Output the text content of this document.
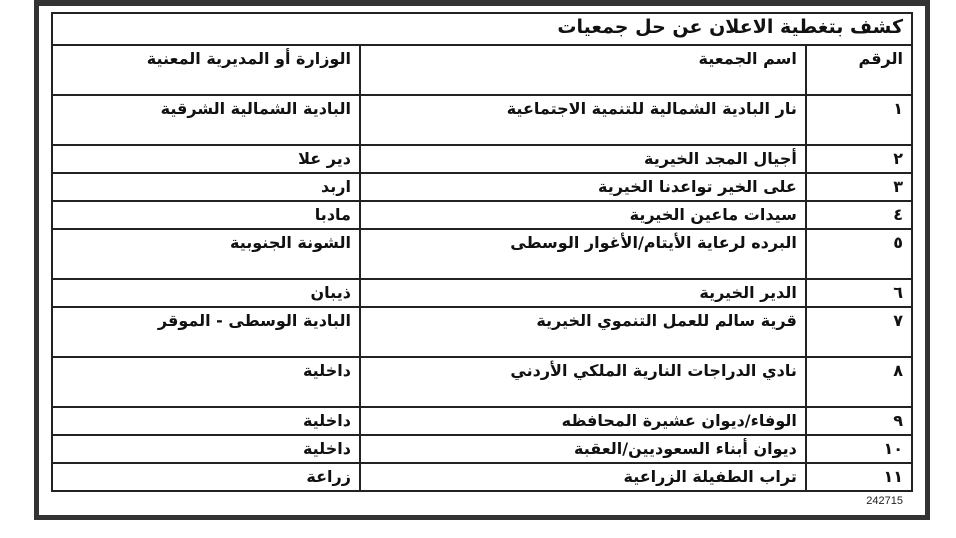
كشف بتغطية الاعلان عن حل جمعيات		
الرقم	اسم الجمعية	الوزارة أو المديرية المعنية
١	نار البادية الشمالية للتنمية الاجتماعية	البادية الشمالية الشرقية
٢	أجيال المجد الخيرية	دير علا
٣	على الخير تواعدنا الخيرية	اربد
٤	سيدات ماعين الخيرية	مادبا
٥	البرده لرعاية الأيتام/الأغوار الوسطى	الشونة الجنوبية
٦	الدير الخيرية	ذيبان
٧	قرية سالم للعمل التنموي الخيرية	البادية الوسطى - الموقر
٨	نادي الدراجات النارية الملكي الأردني	داخلية
٩	الوفاء/ديوان عشيرة المحافظه	داخلية
١٠	ديوان أبناء السعوديين/العقبة	داخلية
١١	تراب الطفيلة الزراعية	زراعة
242715
